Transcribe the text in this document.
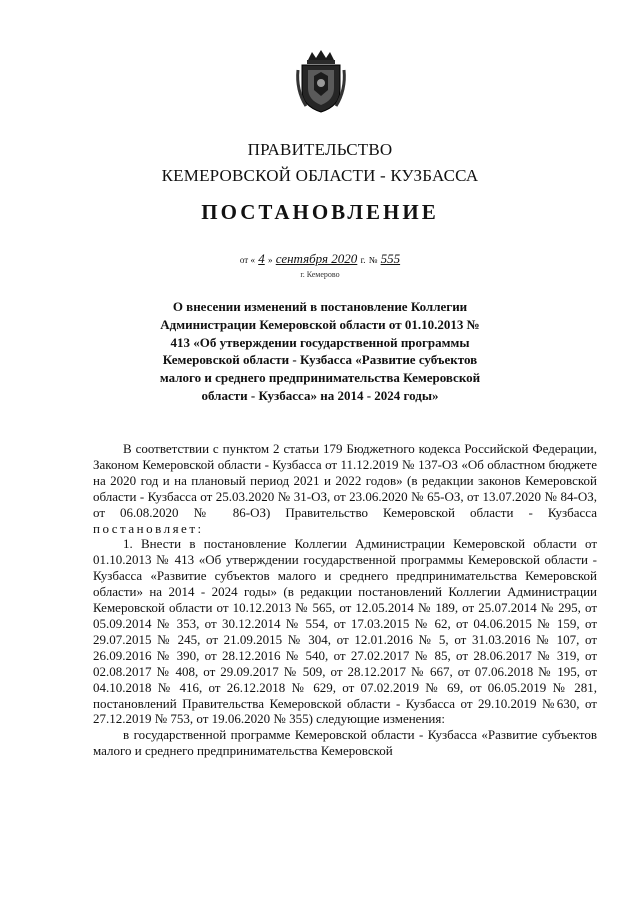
ПРАВИТЕЛЬСТВО
КЕМЕРОВСКОЙ ОБЛАСТИ - КУЗБАССА
ПОСТАНОВЛЕНИЕ
от « 4 » сентября 2020 г. № 555
г. Кемерово
О внесении изменений в постановление Коллегии Администрации Кемеровской области от 01.10.2013 № 413 «Об утверждении государственной программы Кемеровской области - Кузбасса «Развитие субъектов малого и среднего предпринимательства Кемеровской области - Кузбасса» на 2014 - 2024 годы»

В соответствии с пунктом 2 статьи 179 Бюджетного кодекса Российской Федерации, Законом Кемеровской области - Кузбасса от 11.12.2019 № 137-ОЗ «Об областном бюджете на 2020 год и на плановый период 2021 и 2022 годов» (в редакции законов Кемеровской области - Кузбасса от 25.03.2020 № 31-ОЗ, от 23.06.2020 № 65-ОЗ, от 13.07.2020 № 84-ОЗ, от 06.08.2020 № 86-ОЗ) Правительство Кемеровской области - Кузбасса постановляет:

1. Внести в постановление Коллегии Администрации Кемеровской области от 01.10.2013 № 413 «Об утверждении государственной программы Кемеровской области - Кузбасса «Развитие субъектов малого и среднего предпринимательства Кемеровской области» на 2014 - 2024 годы» (в редакции постановлений Коллегии Администрации Кемеровской области от 10.12.2013 № 565, от 12.05.2014 № 189, от 25.07.2014 № 295, от 05.09.2014 № 353, от 30.12.2014 № 554, от 17.03.2015 № 62, от 04.06.2015 № 159, от 29.07.2015 № 245, от 21.09.2015 № 304, от 12.01.2016 № 5, от 31.03.2016 № 107, от 26.09.2016 № 390, от 28.12.2016 № 540, от 27.02.2017 № 85, от 28.06.2017 № 319, от 02.08.2017 № 408, от 29.09.2017 № 509, от 28.12.2017 № 667, от 07.06.2018 № 195, от 04.10.2018 № 416, от 26.12.2018 № 629, от 07.02.2019 № 69, от 06.05.2019 № 281, постановлений Правительства Кемеровской области - Кузбасса от 29.10.2019 №630, от 27.12.2019 № 753, от 19.06.2020 № 355) следующие изменения:

в государственной программе Кемеровской области - Кузбасса «Развитие субъектов малого и среднего предпринимательства Кемеровской
